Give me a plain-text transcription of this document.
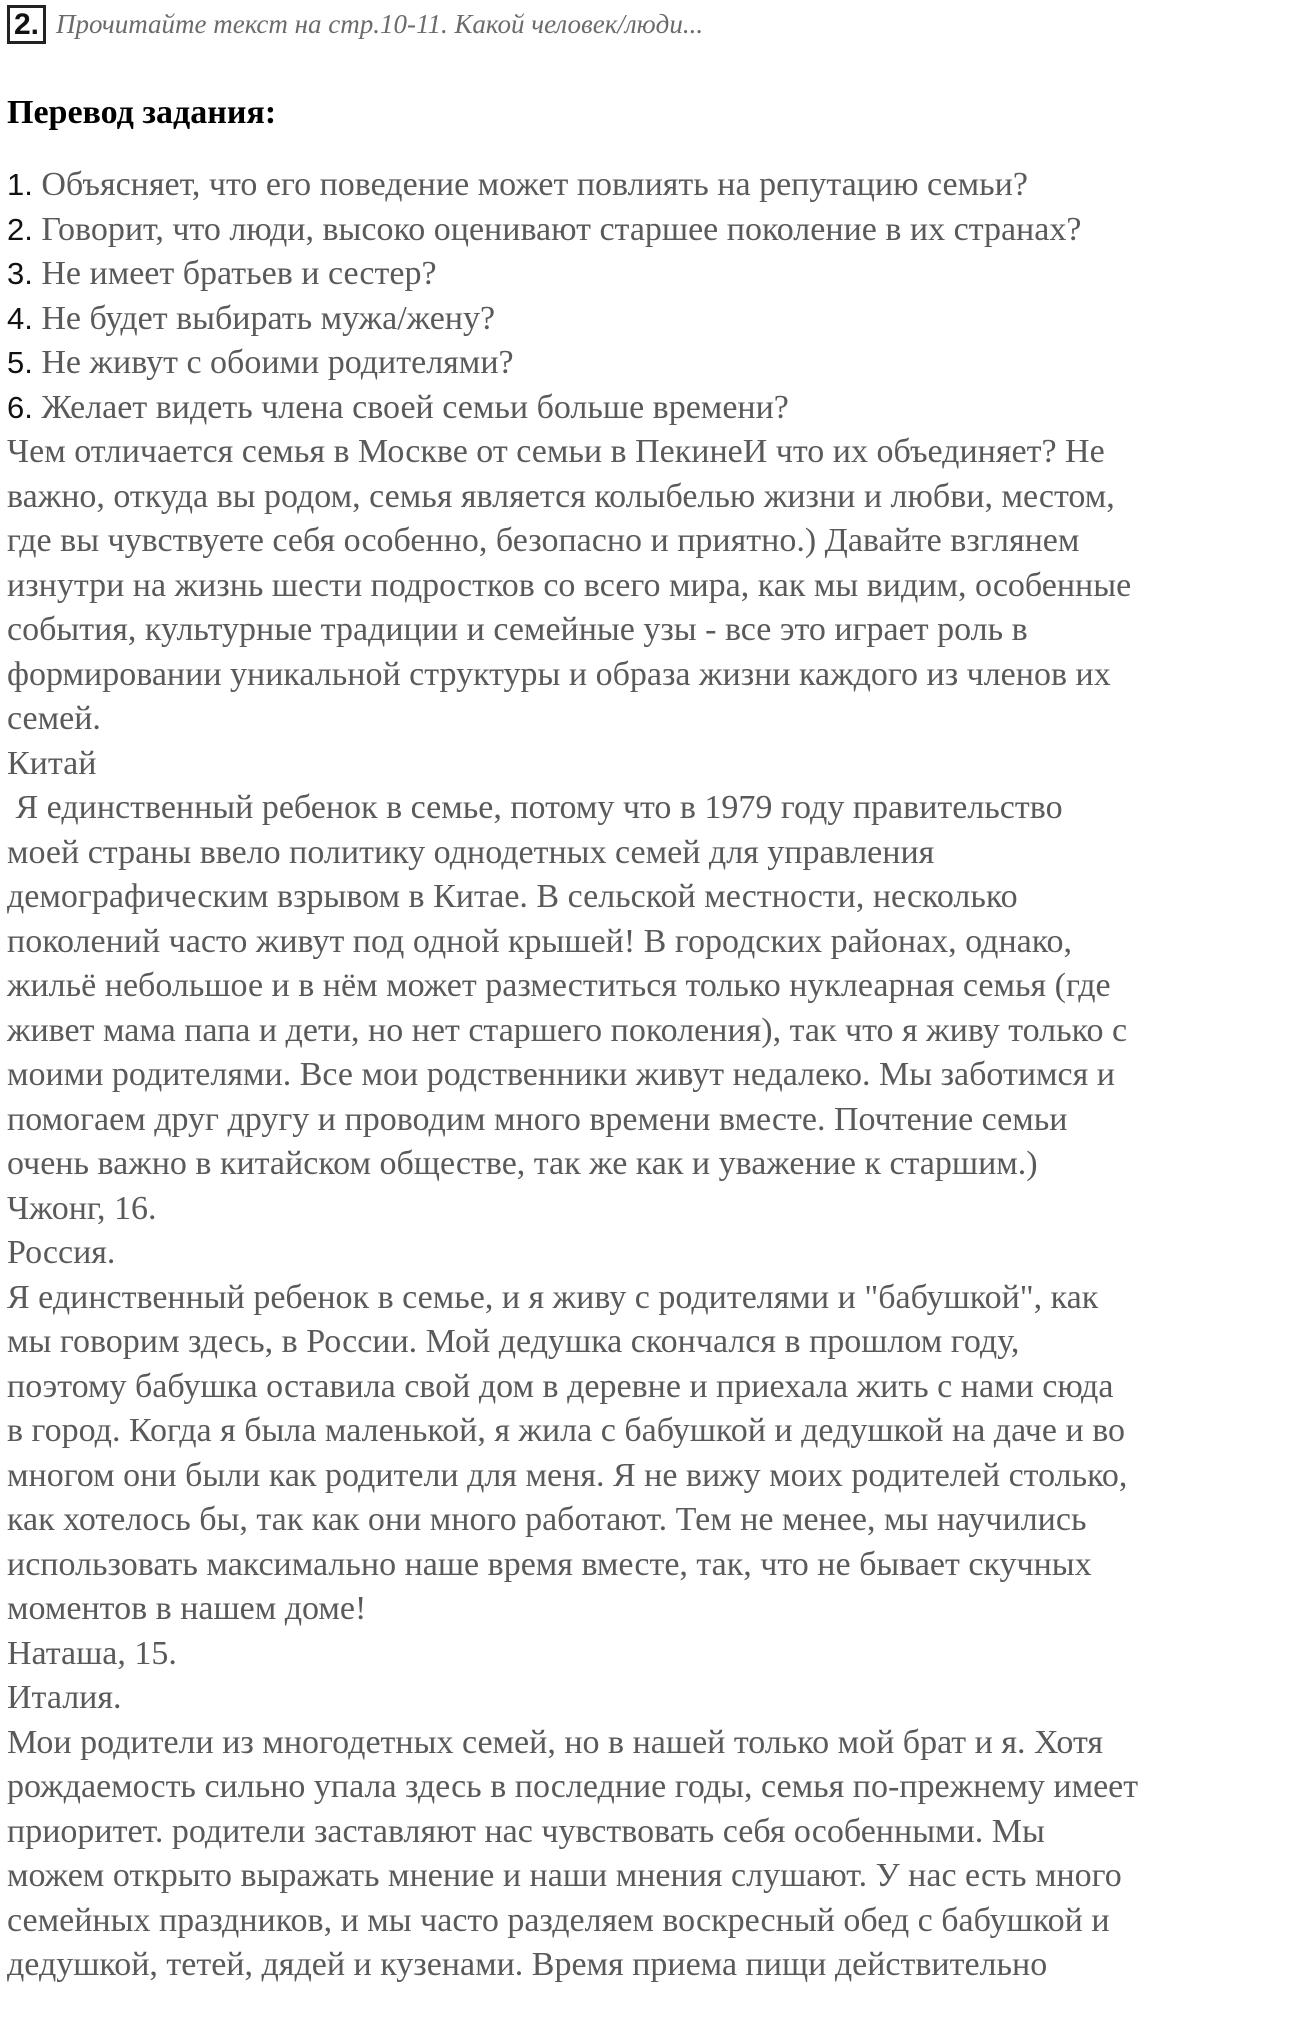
2. Прочитайте текст на стр.10-11. Какой человек/люди...
Перевод задания:
1. Объясняет, что его поведение может повлиять на репутацию семьи?
2. Говорит, что люди, высоко оценивают старшее поколение в их странах?
3. Не имеет братьев и сестер?
4. Не будет выбирать мужа/жену?
5. Не живут с обоими родителями?
6. Желает видеть члена своей семьи больше времени?
Чем отличается семья в Москве от семьи в ПекинеИ что их объединяет? Не
важно, откуда вы родом, семья является колыбелью жизни и любви, местом,
где вы чувствуете себя особенно, безопасно и приятно.) Давайте взглянем
изнутри на жизнь шести подростков со всего мира, как мы видим, особенные
события, культурные традиции и семейные узы - все это играет роль в
формировании уникальной структуры и образа жизни каждого из членов их
семей.
Китай
Я единственный ребенок в семье, потому что в 1979 году правительство
моей страны ввело политику однодетных семей для управления
демографическим взрывом в Китае. В сельской местности, несколько
поколений часто живут под одной крышей! В городских районах, однако,
жильё небольшое и в нём может разместиться только нуклеарная семья (где
живет мама папа и дети, но нет старшего поколения), так что я живу только с
моими родителями. Все мои родственники живут недалеко. Мы заботимся и
помогаем друг другу и проводим много времени вместе. Почтение семьи
очень важно в китайском обществе, так же как и уважение к старшим.)
Чжонг, 16.
Россия.
Я единственный ребенок в семье, и я живу с родителями и "бабушкой", как
мы говорим здесь, в России. Мой дедушка скончался в прошлом году,
поэтому бабушка оставила свой дом в деревне и приехала жить с нами сюда
в город. Когда я была маленькой, я жила с бабушкой и дедушкой на даче и во
многом они были как родители для меня. Я не вижу моих родителей столько,
как хотелось бы, так как они много работают. Тем не менее, мы научились
использовать максимально наше время вместе, так, что не бывает скучных
моментов в нашем доме!
Наташа, 15.
Италия.
Мои родители из многодетных семей, но в нашей только мой брат и я. Хотя
рождаемость сильно упала здесь в последние годы, семья по-прежнему имеет
приоритет. родители заставляют нас чувствовать себя особенными. Мы
можем открыто выражать мнение и наши мнения слушают. У нас есть много
семейных праздников, и мы часто разделяем воскресный обед с бабушкой и
дедушкой, тетей, дядей и кузенами. Время приема пищи действительно
